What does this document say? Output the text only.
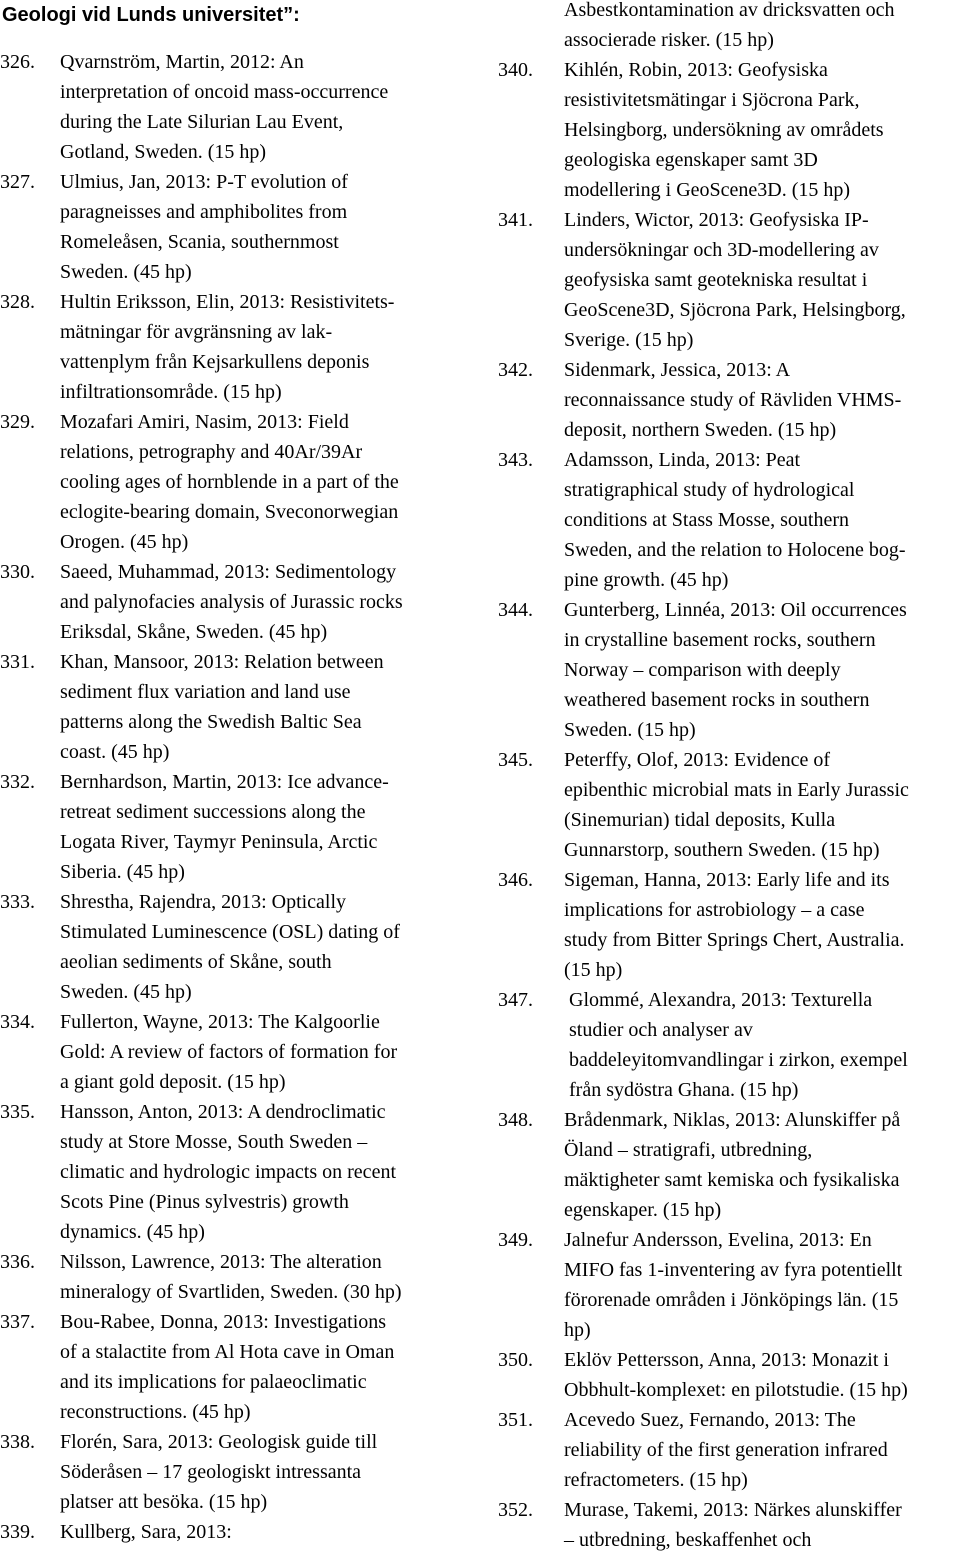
Geologi vid Lunds universitet”:
326. Qvarnström, Martin, 2012: An
interpretation of oncoid mass-occurrence
during the Late Silurian Lau Event,
Gotland, Sweden. (15 hp)
327. Ulmius, Jan, 2013: P-T evolution of
paragneisses and amphibolites from
Romeleåsen, Scania, southernmost
Sweden. (45 hp)
328. Hultin Eriksson, Elin, 2013: Resistivitets-
mätningar för avgränsning av lak-
vattenplym från Kejsarkullens deponis
infiltrationsområde. (15 hp)
329. Mozafari Amiri, Nasim, 2013: Field
relations, petrography and 40Ar/39Ar
cooling ages of hornblende in a part of the
eclogite-bearing domain, Sveconorwegian
Orogen. (45 hp)
330. Saeed, Muhammad, 2013: Sedimentology
and palynofacies analysis of Jurassic rocks
Eriksdal, Skåne, Sweden. (45 hp)
331. Khan, Mansoor, 2013: Relation between
sediment flux variation and land use
patterns along the Swedish Baltic Sea
coast. (45 hp)
332. Bernhardson, Martin, 2013: Ice advance-
retreat sediment successions along the
Logata River, Taymyr Peninsula, Arctic
Siberia. (45 hp)
333. Shrestha, Rajendra, 2013: Optically
Stimulated Luminescence (OSL) dating of
aeolian sediments of Skåne, south
Sweden. (45 hp)
334. Fullerton, Wayne, 2013: The Kalgoorlie
Gold: A review of factors of formation for
a giant gold deposit. (15 hp)
335. Hansson, Anton, 2013: A dendroclimatic
study at Store Mosse, South Sweden –
climatic and hydrologic impacts on recent
Scots Pine (Pinus sylvestris) growth
dynamics. (45 hp)
336. Nilsson, Lawrence, 2013: The alteration
mineralogy of Svartliden, Sweden. (30 hp)
337. Bou-Rabee, Donna, 2013: Investigations
of a stalactite from Al Hota cave in Oman
and its implications for palaeoclimatic
reconstructions. (45 hp)
338. Florén, Sara, 2013: Geologisk guide till
Söderåsen – 17 geologiskt intressanta
platser att besöka. (15 hp)
339. Kullberg, Sara, 2013:
Asbestkontamination av dricksvatten och
associerade risker. (15 hp)
340. Kihlén, Robin, 2013: Geofysiska
resistivitetsmätingar i Sjöcrona Park,
Helsingborg, undersökning av områdets
geologiska egenskaper samt 3D
modellering i GeoScene3D. (15 hp)
341. Linders, Wictor, 2013: Geofysiska IP-
undersökningar och 3D-modellering av
geofysiska samt geotekniska resultat i
GeoScene3D, Sjöcrona Park, Helsingborg,
Sverige. (15 hp)
342. Sidenmark, Jessica, 2013: A
reconnaissance study of Rävliden VHMS-
deposit, northern Sweden. (15 hp)
343. Adamsson, Linda, 2013: Peat
stratigraphical study of hydrological
conditions at Stass Mosse, southern
Sweden, and the relation to Holocene bog-
pine growth. (45 hp)
344. Gunterberg, Linnéa, 2013: Oil occurrences
in crystalline basement rocks, southern
Norway – comparison with deeply
weathered basement rocks in southern
Sweden. (15 hp)
345. Peterffy, Olof, 2013: Evidence of
epibenthic microbial mats in Early Jurassic
(Sinemurian) tidal deposits, Kulla
Gunnarstorp, southern Sweden. (15 hp)
346. Sigeman, Hanna, 2013: Early life and its
implications for astrobiology – a case
study from Bitter Springs Chert, Australia.
(15 hp)
347. Glommé, Alexandra, 2013: Texturella
studier och analyser av
baddeleyitomvandlingar i zirkon, exempel
från sydöstra Ghana. (15 hp)
348. Brådenmark, Niklas, 2013: Alunskiffer på
Öland – stratigrafi, utbredning,
mäktigheter samt kemiska och fysikaliska
egenskaper. (15 hp)
349. Jalnefur Andersson, Evelina, 2013: En
MIFO fas 1-inventering av fyra potentiellt
förorenade områden i Jönköpings län. (15
hp)
350. Eklöv Pettersson, Anna, 2013: Monazit i
Obbhult-komplexet: en pilotstudie. (15 hp)
351. Acevedo Suez, Fernando, 2013: The
reliability of the first generation infrared
refractometers. (15 hp)
352. Murase, Takemi, 2013: Närkes alunskiffer
– utbredning, beskaffenhet och
